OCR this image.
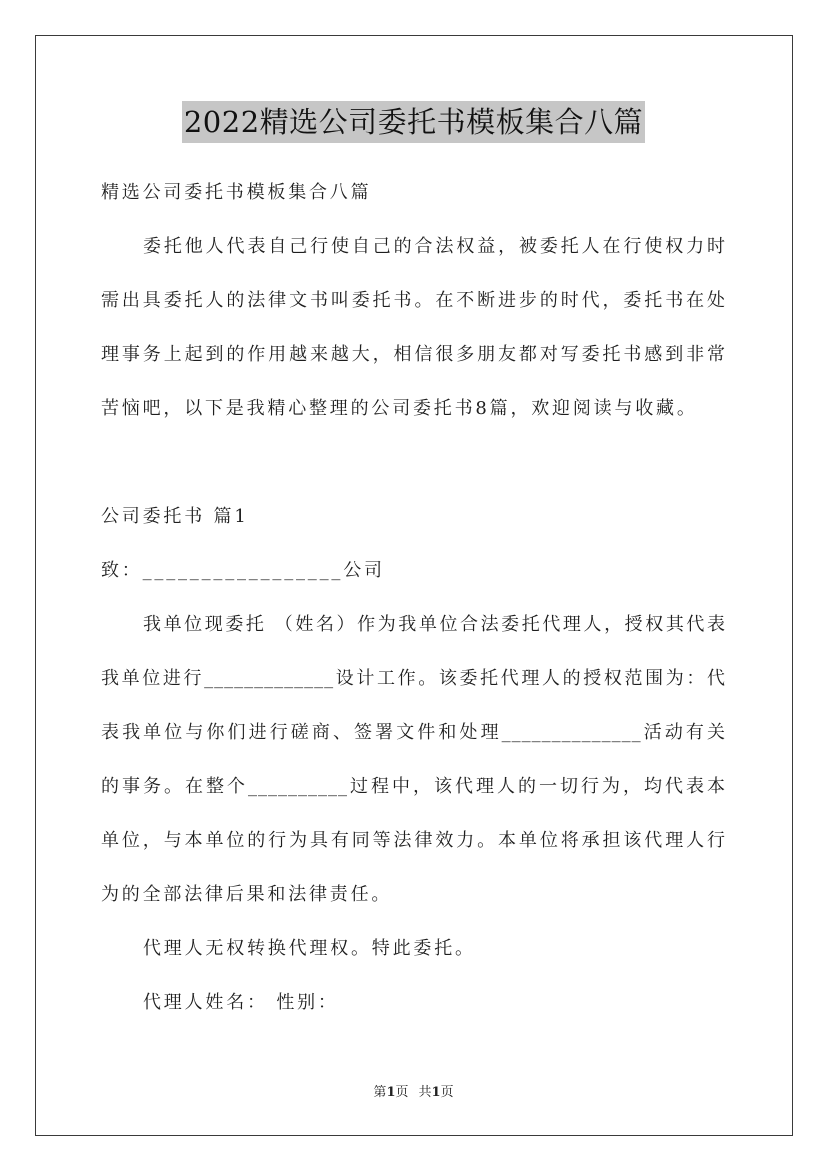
2022精选公司委托书模板集合八篇
精选公司委托书模板集合八篇
委托他人代表自己行使自己的合法权益，被委托人在行使权力时
需出具委托人的法律文书叫委托书。在不断进步的时代，委托书在处
理事务上起到的作用越来越大，相信很多朋友都对写委托书感到非常
苦恼吧，以下是我精心整理的公司委托书8篇，欢迎阅读与收藏。
公司委托书 篇1
致：_________________公司
我单位现委托 （姓名）作为我单位合法委托代理人，授权其代表
我单位进行_____________设计工作。该委托代理人的授权范围为：代
表我单位与你们进行磋商、签署文件和处理______________活动有关
的事务。在整个__________过程中，该代理人的一切行为，均代表本
单位，与本单位的行为具有同等法律效力。本单位将承担该代理人行
为的全部法律后果和法律责任。
代理人无权转换代理权。特此委托。
代理人姓名： 性别：
第1页 共1页
